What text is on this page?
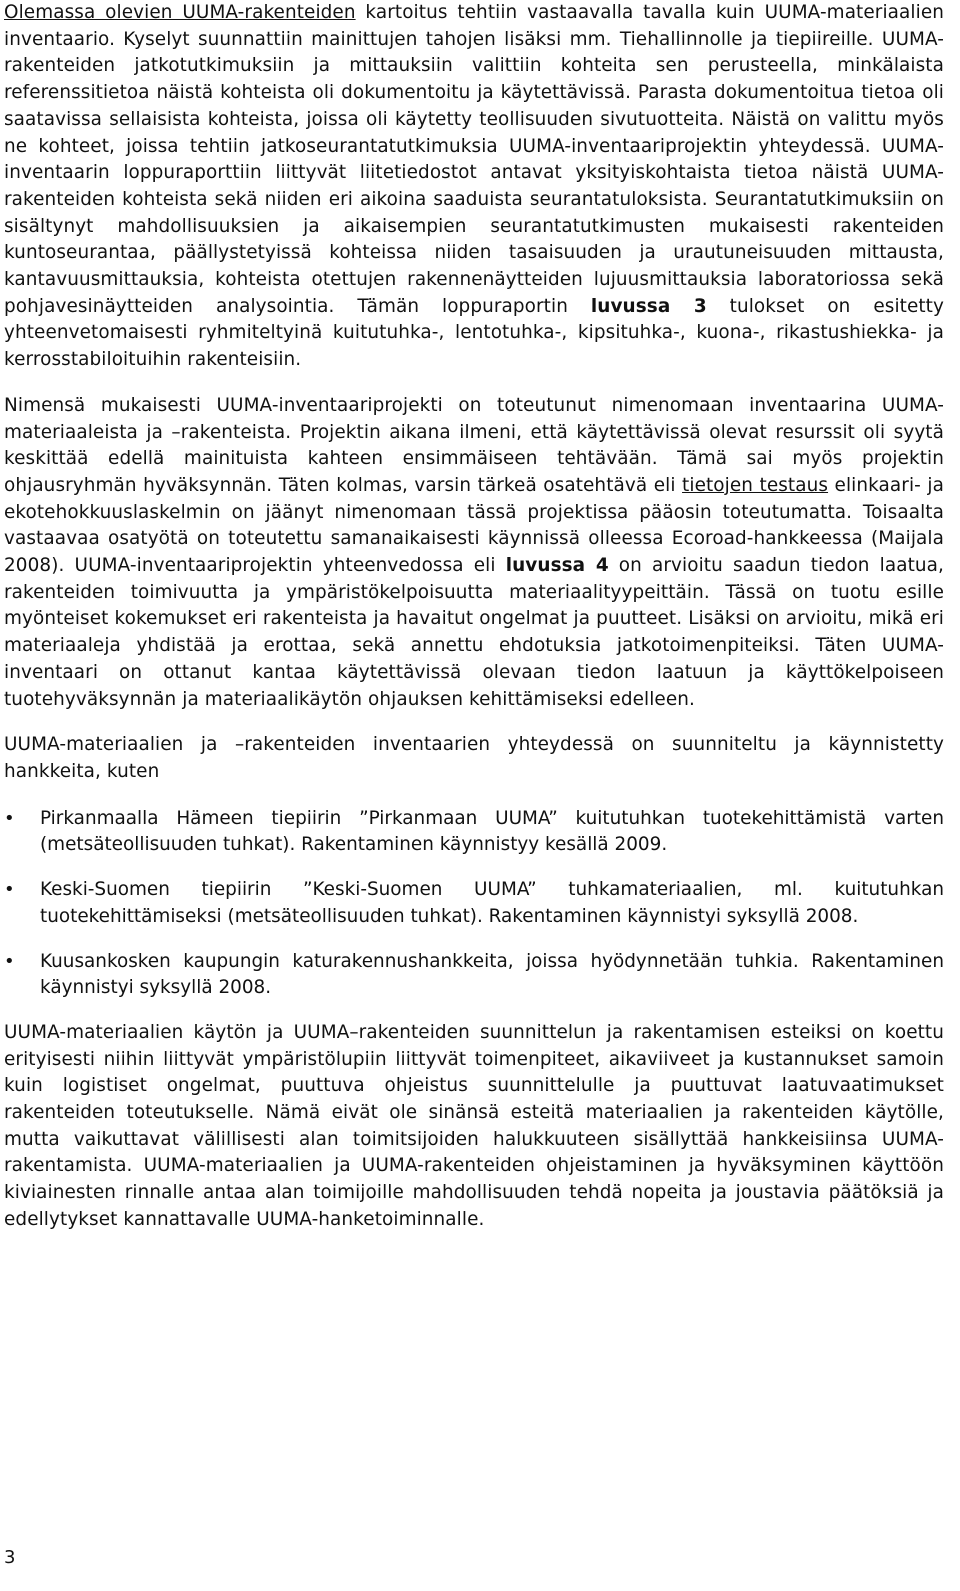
Olemassa olevien UUMA-rakenteiden kartoitus tehtiin vastaavalla tavalla kuin UUMA-materiaalien inventaario. Kyselyt suunnattiin mainittujen tahojen lisäksi mm. Tiehallinnolle ja tiepiireille. UUMA-rakenteiden jatkotutkimuksiin ja mittauksiin valittiin kohteita sen perusteella, minkälaista referenssitietoa näistä kohteista oli dokumentoitu ja käytettävissä. Parasta dokumentoitua tietoa oli saatavissa sellaisista kohteista, joissa oli käytetty teollisuuden sivutuotteita. Näistä on valittu myös ne kohteet, joissa tehtiin jatkoseurantatutkimuksia UUMA-inventaariprojektin yhteydessä. UUMA-inventaarin loppuraporttiin liittyvät liitetiedostot antavat yksityiskohtaista tietoa näistä UUMA-rakenteiden kohteista sekä niiden eri aikoina saaduista seurantatuloksista. Seurantatutkimuksiin on sisältynyt mahdollisuuksien ja aikaisempien seurantatutkimusten mukaisesti rakenteiden kuntoseurantaa, päällystetyissä kohteissa niiden tasaisuuden ja urautuneisuuden mittausta, kantavuusmittauksia, kohteista otettujen rakennenäytteiden lujuusmittauksia laboratoriossa sekä pohjavesinäytteiden analysointia. Tämän loppuraportin luvussa 3 tulokset on esitetty yhteenvetomaisesti ryhmiteltyinä kuitutuhka-, lentotuhka-, kipsituhka-, kuona-, rikastushiekka- ja kerrosstabiloituihin rakenteisiin.

Nimensä mukaisesti UUMA-inventaariprojekti on toteutunut nimenomaan inventaarina UUMA-materiaaleista ja –rakenteista. Projektin aikana ilmeni, että käytettävissä olevat resurssit oli syytä keskittää edellä mainituista kahteen ensimmäiseen tehtävään. Tämä sai myös projektin ohjausryhmän hyväksynnän. Täten kolmas, varsin tärkeä osatehtävä eli tietojen testaus elinkaari- ja ekotehokkuuslaskelmin on jäänyt nimenomaan tässä projektissa pääosin toteutumatta. Toisaalta vastaavaa osatyötä on toteutettu samanaikaisesti käynnissä olleessa Ecoroad-hankkeessa (Maijala 2008). UUMA-inventaariprojektin yhteenvedossa eli luvussa 4 on arvioitu saadun tiedon laatua, rakenteiden toimivuutta ja ympäristökelpoisuutta materiaalityypeittäin. Tässä on tuotu esille myönteiset kokemukset eri rakenteista ja havaitut ongelmat ja puutteet. Lisäksi on arvioitu, mikä eri materiaaleja yhdistää ja erottaa, sekä annettu ehdotuksia jatkotoimenpiteiksi. Täten UUMA-inventaari on ottanut kantaa käytettävissä olevaan tiedon laatuun ja käyttökelpoiseen tuotehyväksynnän ja materiaalikäytön ohjauksen kehittämiseksi edelleen.

UUMA-materiaalien ja –rakenteiden inventaarien yhteydessä on suunniteltu ja käynnistetty hankkeita, kuten

•	Pirkanmaalla Hämeen tiepiirin ”Pirkanmaan UUMA” kuitutuhkan tuotekehittämistä varten (metsäteollisuuden tuhkat). Rakentaminen käynnistyy kesällä 2009.
•	Keski-Suomen tiepiirin ”Keski-Suomen UUMA” tuhkamateriaalien, ml. kuitutuhkan tuotekehittämiseksi (metsäteollisuuden tuhkat). Rakentaminen käynnistyi syksyllä 2008.
•	Kuusankosken kaupungin katurakennushankkeita, joissa hyödynnetään tuhkia. Rakentaminen käynnistyi syksyllä 2008.

UUMA-materiaalien käytön ja UUMA–rakenteiden suunnittelun ja rakentamisen esteiksi on koettu erityisesti niihin liittyvät ympäristölupiin liittyvät toimenpiteet, aikaviiveet ja kustannukset samoin kuin logistiset ongelmat, puuttuva ohjeistus suunnittelulle ja puuttuvat laatuvaatimukset rakenteiden toteutukselle. Nämä eivät ole sinänsä esteitä materiaalien ja rakenteiden käytölle, mutta vaikuttavat välillisesti alan toimitsijoiden halukkuuteen sisällyttää hankkeisiinsa UUMA-rakentamista. UUMA-materiaalien ja UUMA-rakenteiden ohjeistaminen ja hyväksyminen käyttöön kiviainesten rinnalle antaa alan toimijoille mahdollisuuden tehdä nopeita ja joustavia päätöksiä ja edellytykset kannattavalle UUMA-hanketoiminnalle.

3
